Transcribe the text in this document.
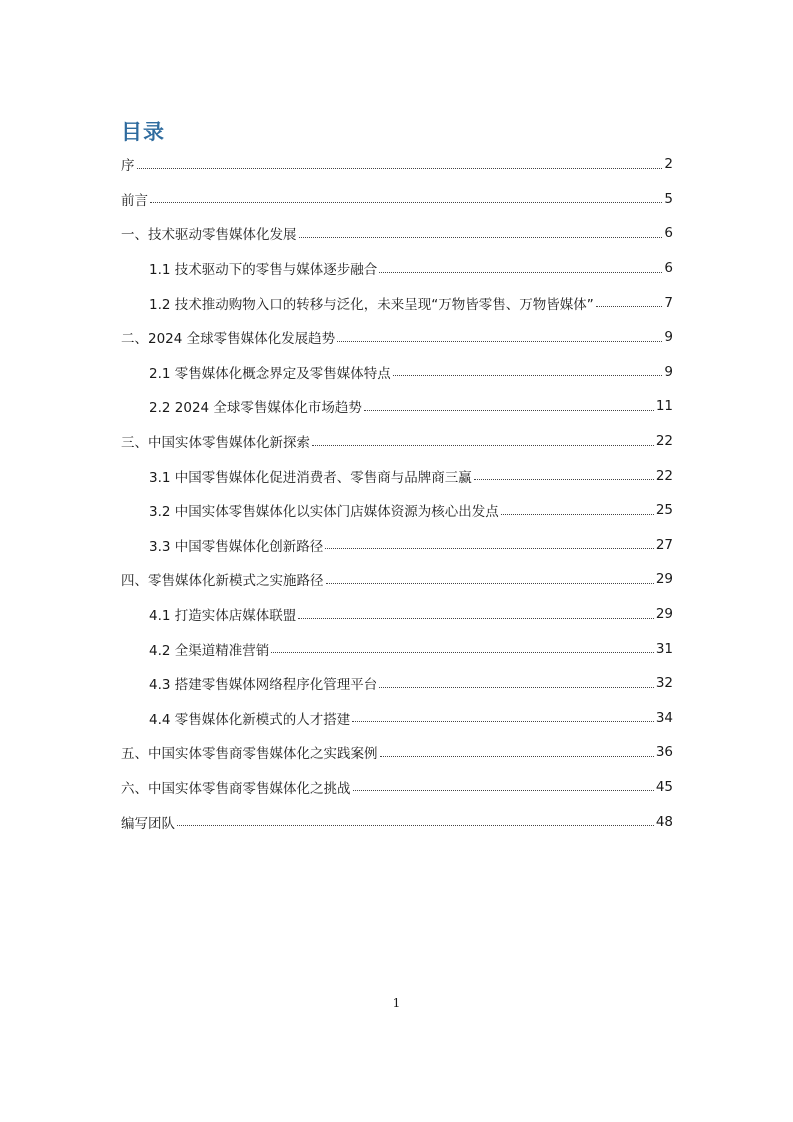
目录
序	2
前言	5
一、技术驱动零售媒体化发展	6
1.1 技术驱动下的零售与媒体逐步融合	6
1.2 技术推动购物入口的转移与泛化，未来呈现“万物皆零售、万物皆媒体”	7
二、2024 全球零售媒体化发展趋势	9
2.1 零售媒体化概念界定及零售媒体特点	9
2.2 2024 全球零售媒体化市场趋势	11
三、中国实体零售媒体化新探索	22
3.1 中国零售媒体化促进消费者、零售商与品牌商三赢	22
3.2 中国实体零售媒体化以实体门店媒体资源为核心出发点	25
3.3 中国零售媒体化创新路径	27
四、零售媒体化新模式之实施路径	29
4.1 打造实体店媒体联盟	29
4.2 全渠道精准营销	31
4.3 搭建零售媒体网络程序化管理平台	32
4.4 零售媒体化新模式的人才搭建	34
五、中国实体零售商零售媒体化之实践案例	36
六、中国实体零售商零售媒体化之挑战	45
编写团队	48
1
